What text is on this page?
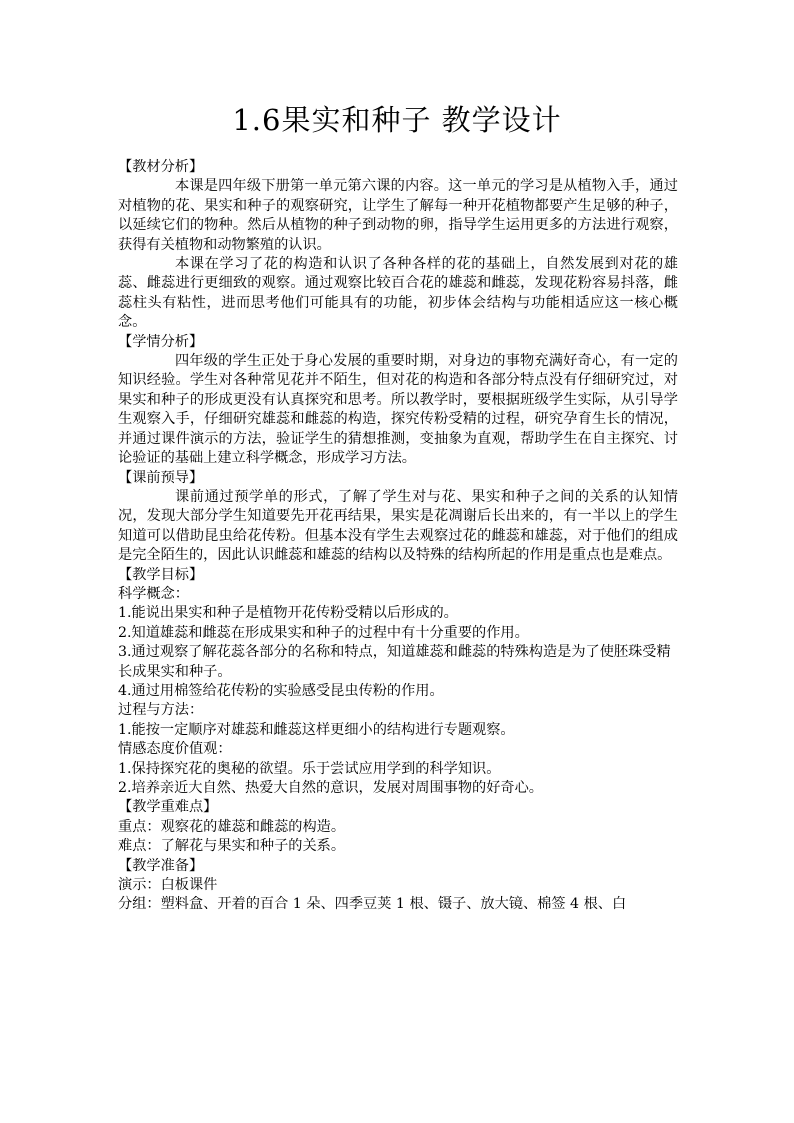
1.6果实和种子 教学设计

【教材分析】

本课是四年级下册第一单元第六课的内容。这一单元的学习是从植物入手，通过对植物的花、果实和种子的观察研究，让学生了解每一种开花植物都要产生足够的种子，以延续它们的物种。然后从植物的种子到动物的卵，指导学生运用更多的方法进行观察，获得有关植物和动物繁殖的认识。

本课在学习了花的构造和认识了各种各样的花的基础上，自然发展到对花的雄蕊、雌蕊进行更细致的观察。通过观察比较百合花的雄蕊和雌蕊，发现花粉容易抖落，雌蕊柱头有粘性，进而思考他们可能具有的功能，初步体会结构与功能相适应这一核心概念。

【学情分析】

四年级的学生正处于身心发展的重要时期，对身边的事物充满好奇心，有一定的知识经验。学生对各种常见花并不陌生，但对花的构造和各部分特点没有仔细研究过，对果实和种子的形成更没有认真探究和思考。所以教学时，要根据班级学生实际，从引导学生观察入手，仔细研究雄蕊和雌蕊的构造，探究传粉受精的过程，研究孕育生长的情况，并通过课件演示的方法，验证学生的猜想推测，变抽象为直观，帮助学生在自主探究、讨论验证的基础上建立科学概念，形成学习方法。

【课前预导】

课前通过预学单的形式，了解了学生对与花、果实和种子之间的关系的认知情况，发现大部分学生知道要先开花再结果，果实是花凋谢后长出来的，有一半以上的学生知道可以借助昆虫给花传粉。但基本没有学生去观察过花的雌蕊和雄蕊，对于他们的组成是完全陌生的，因此认识雌蕊和雄蕊的结构以及特殊的结构所起的作用是重点也是难点。

【教学目标】

科学概念：

1.能说出果实和种子是植物开花传粉受精以后形成的。

2.知道雄蕊和雌蕊在形成果实和种子的过程中有十分重要的作用。

3.通过观察了解花蕊各部分的名称和特点，知道雄蕊和雌蕊的特殊构造是为了使胚珠受精长成果实和种子。

4.通过用棉签给花传粉的实验感受昆虫传粉的作用。

过程与方法：

1.能按一定顺序对雄蕊和雌蕊这样更细小的结构进行专题观察。

情感态度价值观：

1.保持探究花的奥秘的欲望。乐于尝试应用学到的科学知识。

2.培养亲近大自然、热爱大自然的意识，发展对周围事物的好奇心。

【教学重难点】

重点：观察花的雄蕊和雌蕊的构造。

难点：了解花与果实和种子的关系。

【教学准备】

演示：白板课件

分组：塑料盒、开着的百合 1 朵、四季豆荚 1 根、镊子、放大镜、棉签 4 根、白
